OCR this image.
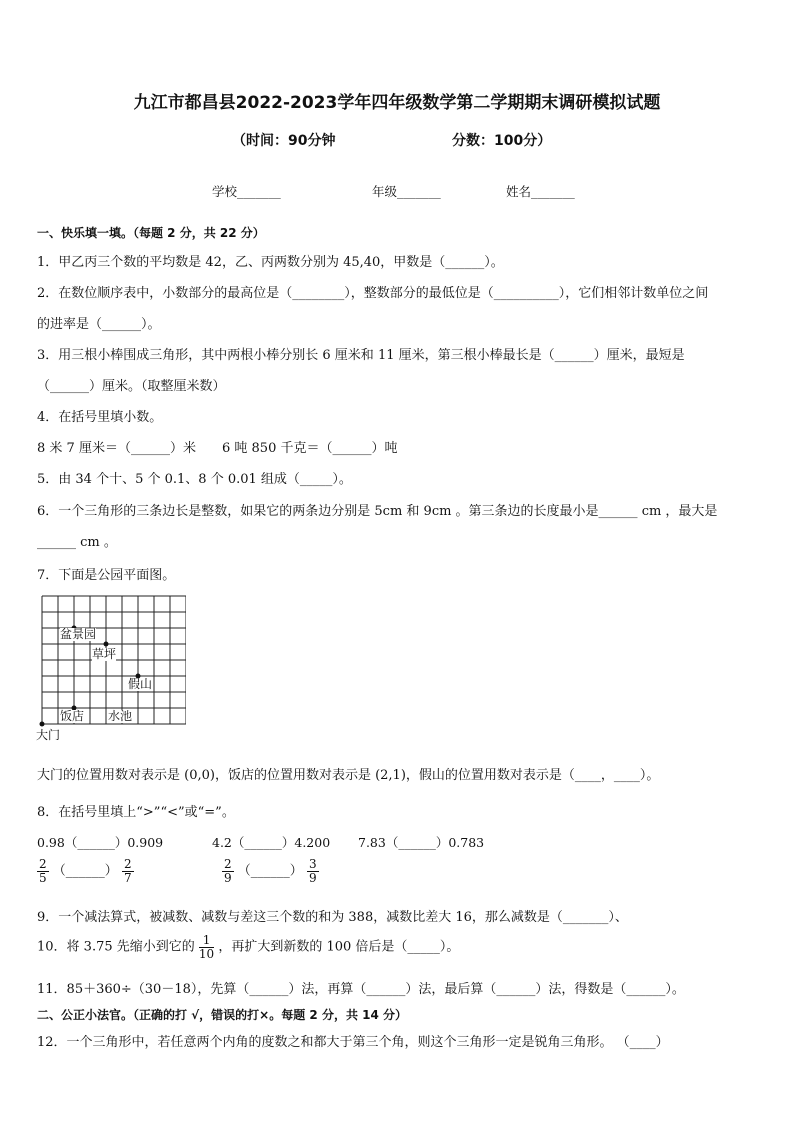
九江市都昌县2022-2023学年四年级数学第二学期期末调研模拟试题
（时间：90分钟	分数：100分）
学校_______	年级_______	姓名_______
一、快乐填一填。（每题 2 分，共 22 分）
1．甲乙丙三个数的平均数是 42，乙、丙两数分别为 45,40，甲数是（______）。
2．在数位顺序表中，小数部分的最高位是（________），整数部分的最低位是（__________），它们相邻计数单位之间
的进率是（______）。
3．用三根小棒围成三角形，其中两根小棒分别长 6 厘米和 11 厘米，第三根小棒最长是（______）厘米，最短是
（______）厘米。（取整厘米数）
4．在括号里填小数。
8 米 7 厘米＝（______）米 6 吨 850 千克＝（______）吨
5．由 34 个十、5 个 0.1、8 个 0.01 组成（_____）。
6．一个三角形的三条边长是整数，如果它的两条边分别是 5cm 和 9cm 。第三条边的长度最小是______ cm ，最大是
______ cm 。
7．下面是公园平面图。
盆景园
草坪
假山
饭店 水池
大门
大门的位置用数对表示是 (0,0)，饭店的位置用数对表示是 (2,1)，假山的位置用数对表示是（____，____）。
8．在括号里填上“>”“<”或“=”。
0.98（______）0.909	4.2（______）4.200 7.83（______）0.783
$\frac{2}{5}$ （______） $\frac{2}{7}$	$\frac{2}{9}$ （______） $\frac{3}{9}$
9．一个减法算式，被减数、减数与差这三个数的和为 388，减数比差大 16，那么减数是（_______）、
10．将 3.75 先缩小到它的 $\frac{1}{10}$ ，再扩大到新数的 100 倍后是（_____）。
11．85＋360÷（30－18），先算（______）法，再算（______）法，最后算（______）法，得数是（______）。
二、公正小法官。（正确的打 √，错误的打×。每题 2 分，共 14 分）
12．一个三角形中，若任意两个内角的度数之和都大于第三个角，则这个三角形一定是锐角三角形。 （____）
